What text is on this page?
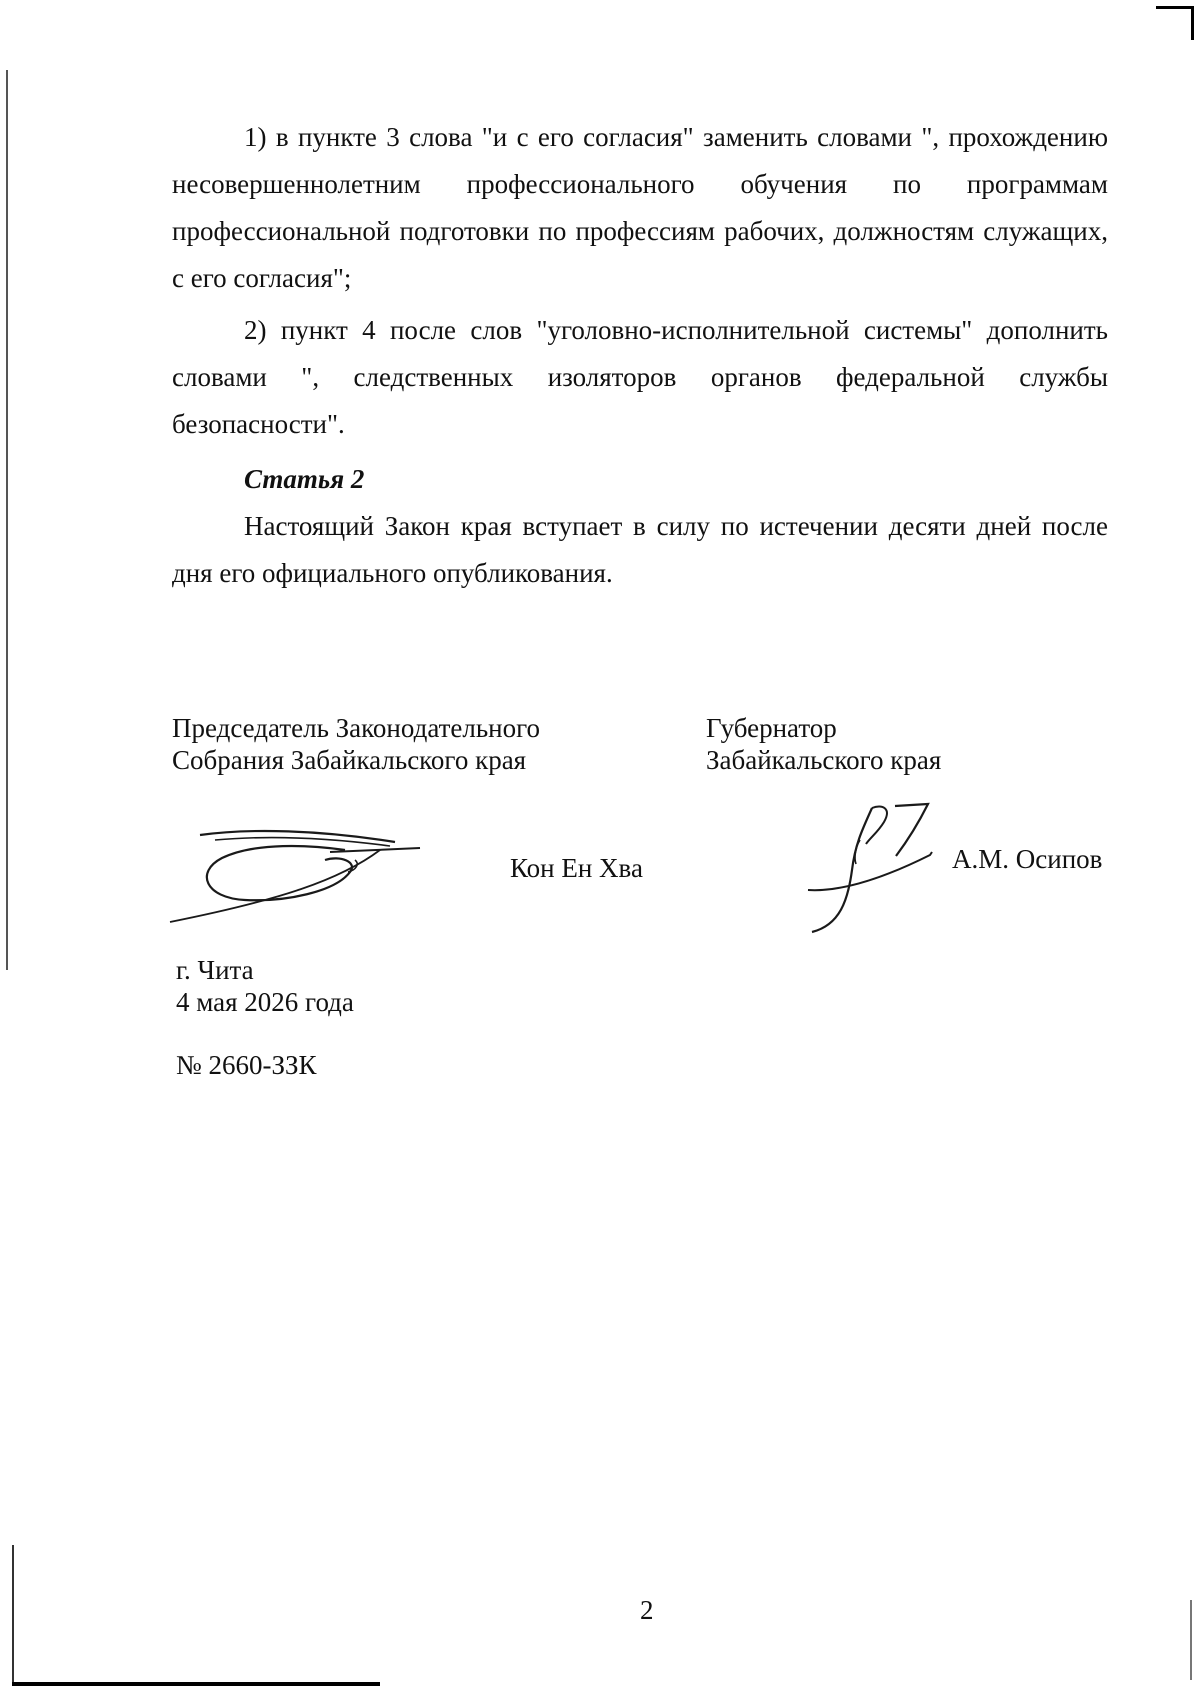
1) в пункте 3 слова "и с его согласия" заменить словами ", прохождению несовершеннолетним профессионального обучения по программам профессиональной подготовки по профессиям рабочих, должностям служащих, с его согласия";

2) пункт 4 после слов "уголовно-исполнительной системы" дополнить словами ", следственных изоляторов органов федеральной службы безопасности".

Статья 2

Настоящий Закон края вступает в силу по истечении десяти дней после дня его официального опубликования.

Председатель Законодательного
Собрания Забайкальского края
Губернатор
Забайкальского края
Кон Ен Хва	А.М. Осипов
г. Чита
4 мая 2026 года
№ 2660-ЗЗК
2
